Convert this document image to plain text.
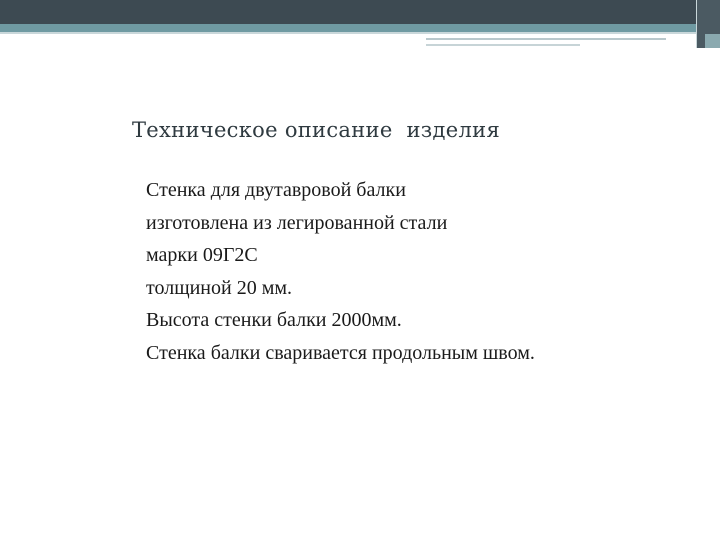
Техническое описание  изделия
Стенка для двутавровой балки
изготовлена из легированной стали
марки 09Г2С
толщиной 20 мм.
Высота стенки балки 2000мм.
Стенка балки сваривается продольным швом.
